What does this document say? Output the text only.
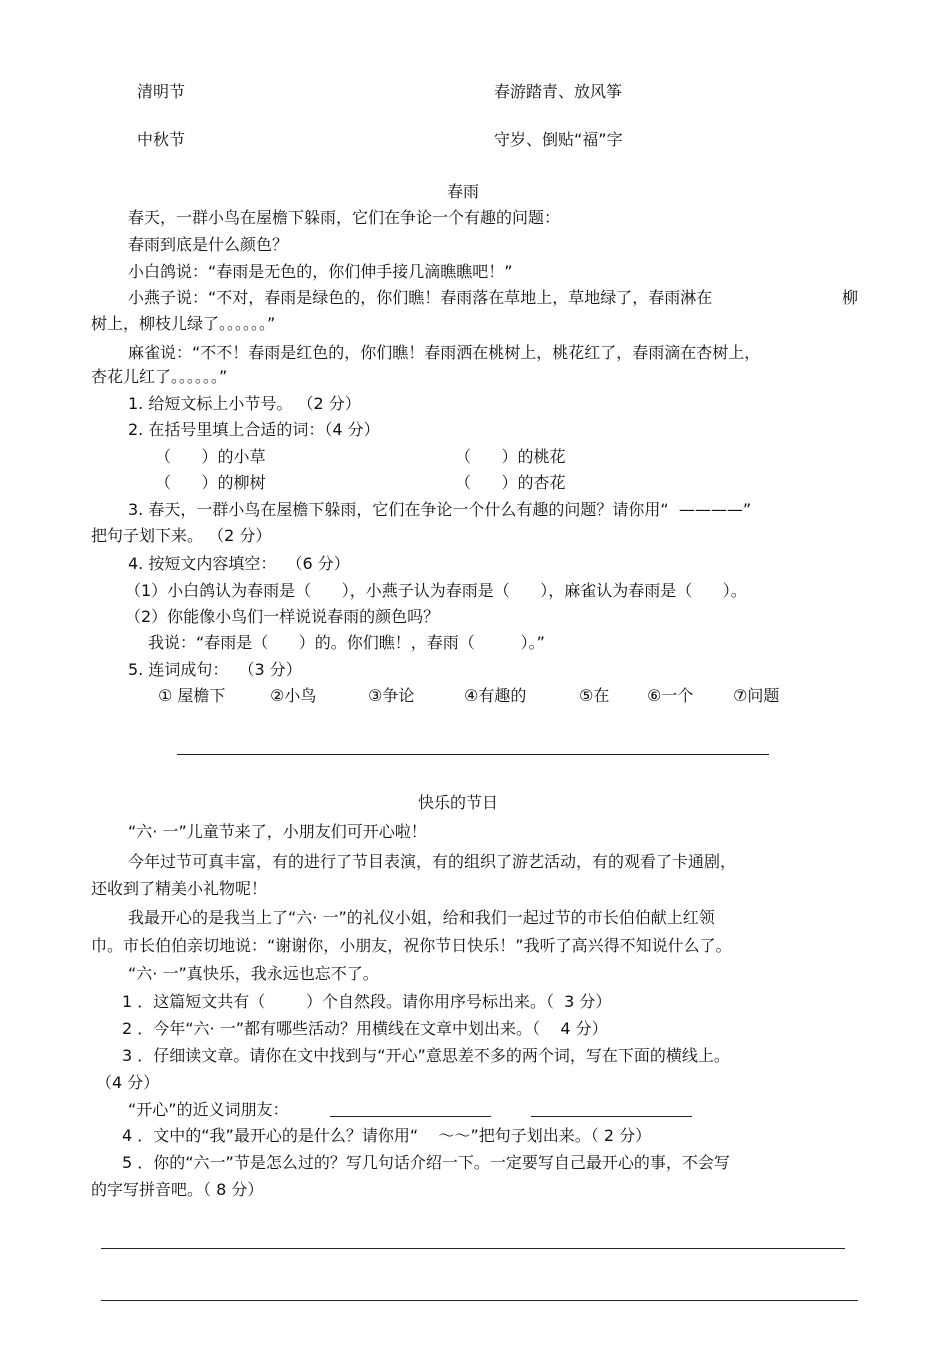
清明节	春游踏青、放风筝
中秋节	守岁、倒贴“福”字
春雨
春天，一群小鸟在屋檐下躲雨，它们在争论一个有趣的问题：
春雨到底是什么颜色？
小白鸽说：“春雨是无色的，你们伸手接几滴瞧瞧吧！”
小燕子说：“不对，春雨是绿色的，你们瞧！春雨落在草地上，草地绿了，春雨淋在	柳
树上，柳枝儿绿了。。。。。。”
麻雀说：“不不！春雨是红色的，你们瞧！春雨洒在桃树上，桃花红了，春雨滴在杏树上，
杏花儿红了。。。。。。”
1. 给短文标上小节号。 （2 分）
2. 在括号里填上合适的词：（4 分）
（      ）的小草	（      ）的桃花
（      ）的柳树	（      ）的杏花
3. 春天，一群小鸟在屋檐下躲雨，它们在争论一个什么有趣的问题？请你用“  ————”
把句子划下来。 （2 分）
4. 按短文内容填空：  （6 分）
（1）小白鸽认为春雨是（      ），小燕子认为春雨是（      ），麻雀认为春雨是（      ）。
（2）你能像小鸟们一样说说春雨的颜色吗？
我说：“春雨是（      ）的。你们瞧！，春雨（         ）。”
5. 连词成句：  （3 分）
① 屋檐下	②小鸟	③争论	④有趣的	⑤在 ⑥一个 ⑦问题
快乐的节日
“六· 一”儿童节来了，小朋友们可开心啦！
今年过节可真丰富，有的进行了节目表演，有的组织了游艺活动，有的观看了卡通剧，
还收到了精美小礼物呢！
我最开心的是我当上了“六· 一”的礼仪小姐，给和我们一起过节的市长伯伯献上红领
巾。市长伯伯亲切地说：“谢谢你，小朋友，祝你节日快乐！”我听了高兴得不知说什么了。
“六· 一”真快乐，我永远也忘不了。
1 ．这篇短文共有（        ）个自然段。请你用序号标出来。（  3 分）
2 ．今年“六· 一”都有哪些活动？用横线在文章中划出来。（    4 分）
3 ．仔细读文章。请你在文中找到与“开心”意思差不多的两个词，写在下面的横线上。
（4 分）
“开心”的近义词朋友：
4 ．文中的“我”最开心的是什么？请你用“    ～～”把句子划出来。（ 2 分）
5 ．你的“六一”节是怎么过的？写几句话介绍一下。一定要写自己最开心的事，不会写
的字写拼音吧。（ 8 分）
